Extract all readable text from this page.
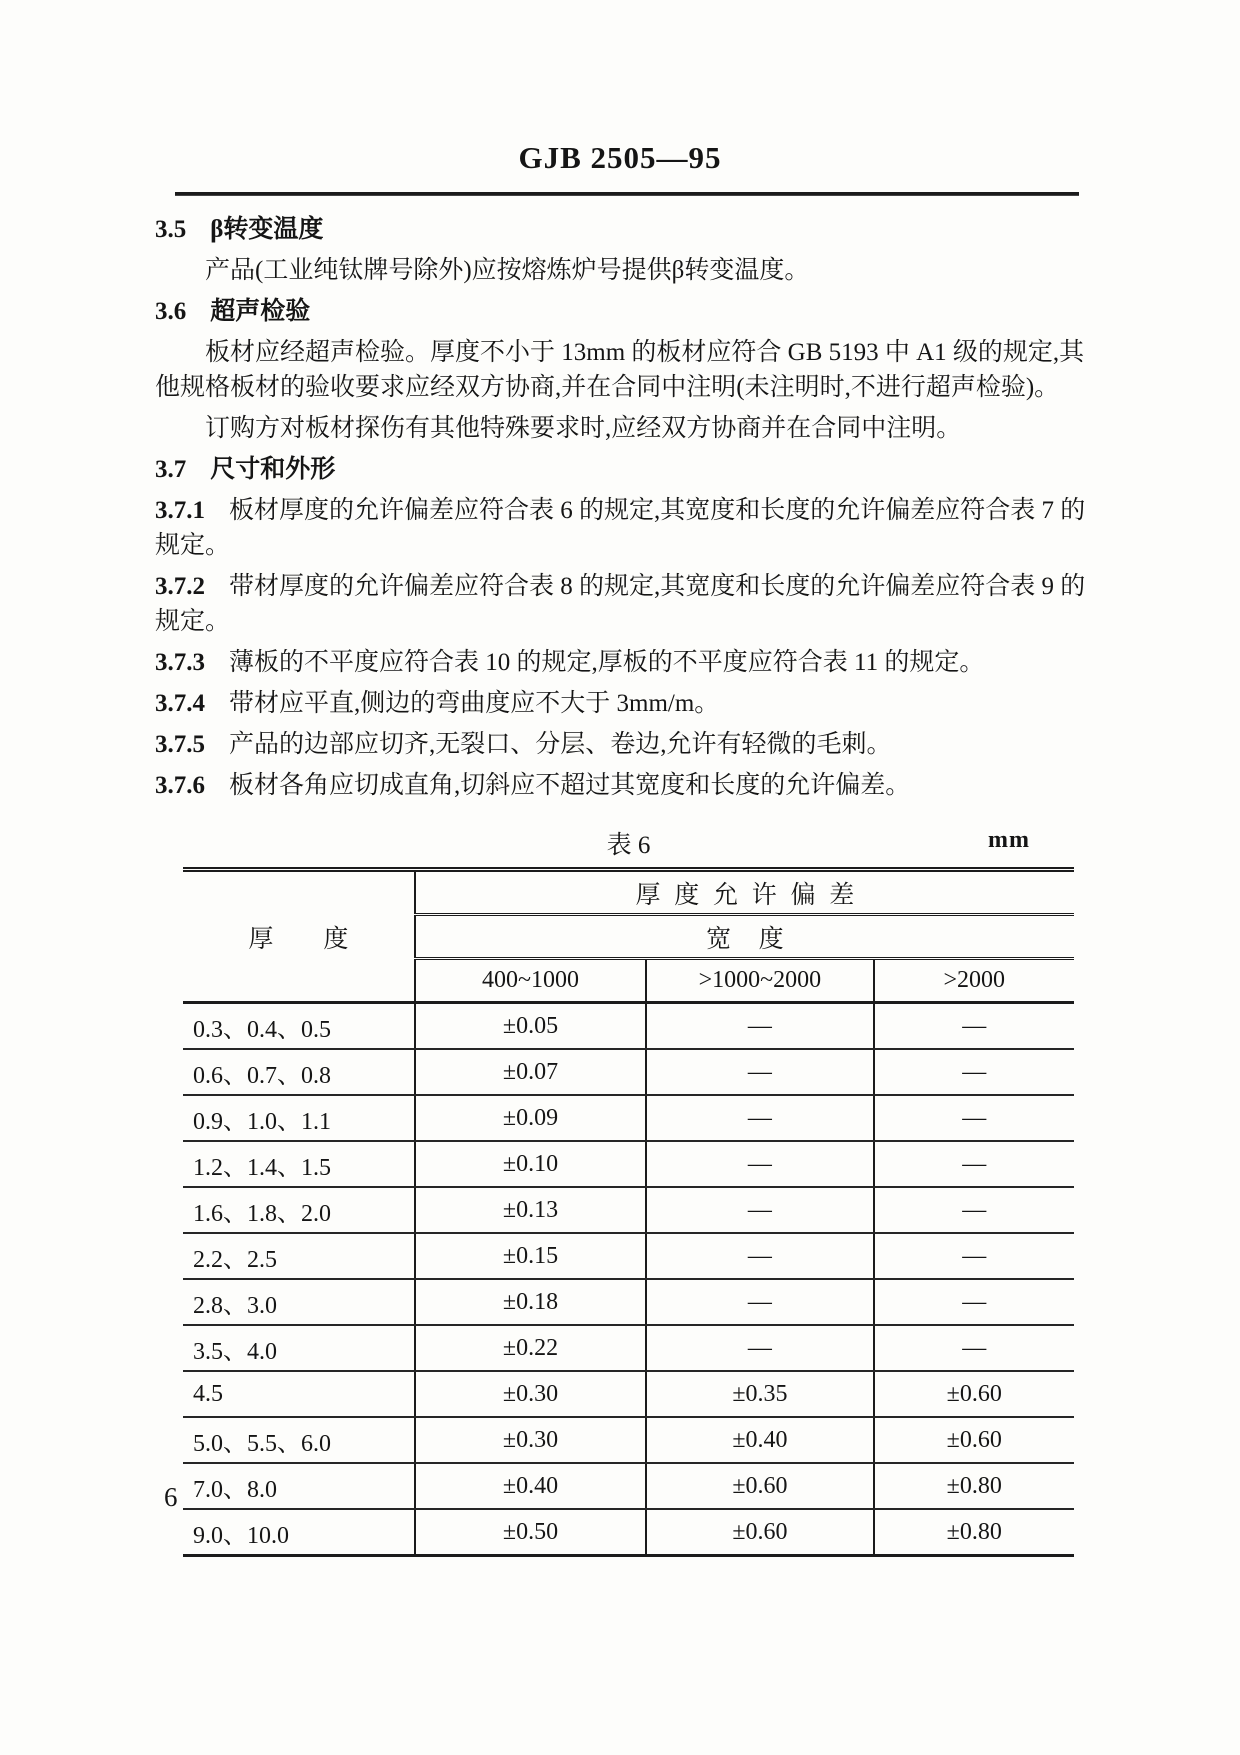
GJB 2505—95

3.5 β转变温度

产品(工业纯钛牌号除外)应按熔炼炉号提供β转变温度。

3.6 超声检验

板材应经超声检验。厚度不小于 13mm 的板材应符合 GB 5193 中 A1 级的规定,其他规格板材的验收要求应经双方协商,并在合同中注明(未注明时,不进行超声检验)。

订购方对板材探伤有其他特殊要求时,应经双方协商并在合同中注明。

3.7 尺寸和外形

3.7.1 板材厚度的允许偏差应符合表 6 的规定,其宽度和长度的允许偏差应符合表 7 的规定。

3.7.2 带材厚度的允许偏差应符合表 8 的规定,其宽度和长度的允许偏差应符合表 9 的规定。

3.7.3 薄板的不平度应符合表 10 的规定,厚板的不平度应符合表 11 的规定。

3.7.4 带材应平直,侧边的弯曲度应不大于 3mm/m。

3.7.5 产品的边部应切齐,无裂口、分层、卷边,允许有轻微的毛刺。

3.7.6 板材各角应切成直角,切斜应不超过其宽度和长度的允许偏差。

表 6	mm
厚度	厚度允许偏差		
	宽度		
	400~1000	>1000~2000	>2000
0.3、0.4、0.5	±0.05	—	—
0.6、0.7、0.8	±0.07	—	—
0.9、1.0、1.1	±0.09	—	—
1.2、1.4、1.5	±0.10	—	—
1.6、1.8、2.0	±0.13	—	—
2.2、2.5	±0.15	—	—
2.8、3.0	±0.18	—	—
3.5、4.0	±0.22	—	—
4.5	±0.30	±0.35	±0.60
5.0、5.5、6.0	±0.30	±0.40	±0.60
7.0、8.0	±0.40	±0.60	±0.80
9.0、10.0	±0.50	±0.60	±0.80
6
